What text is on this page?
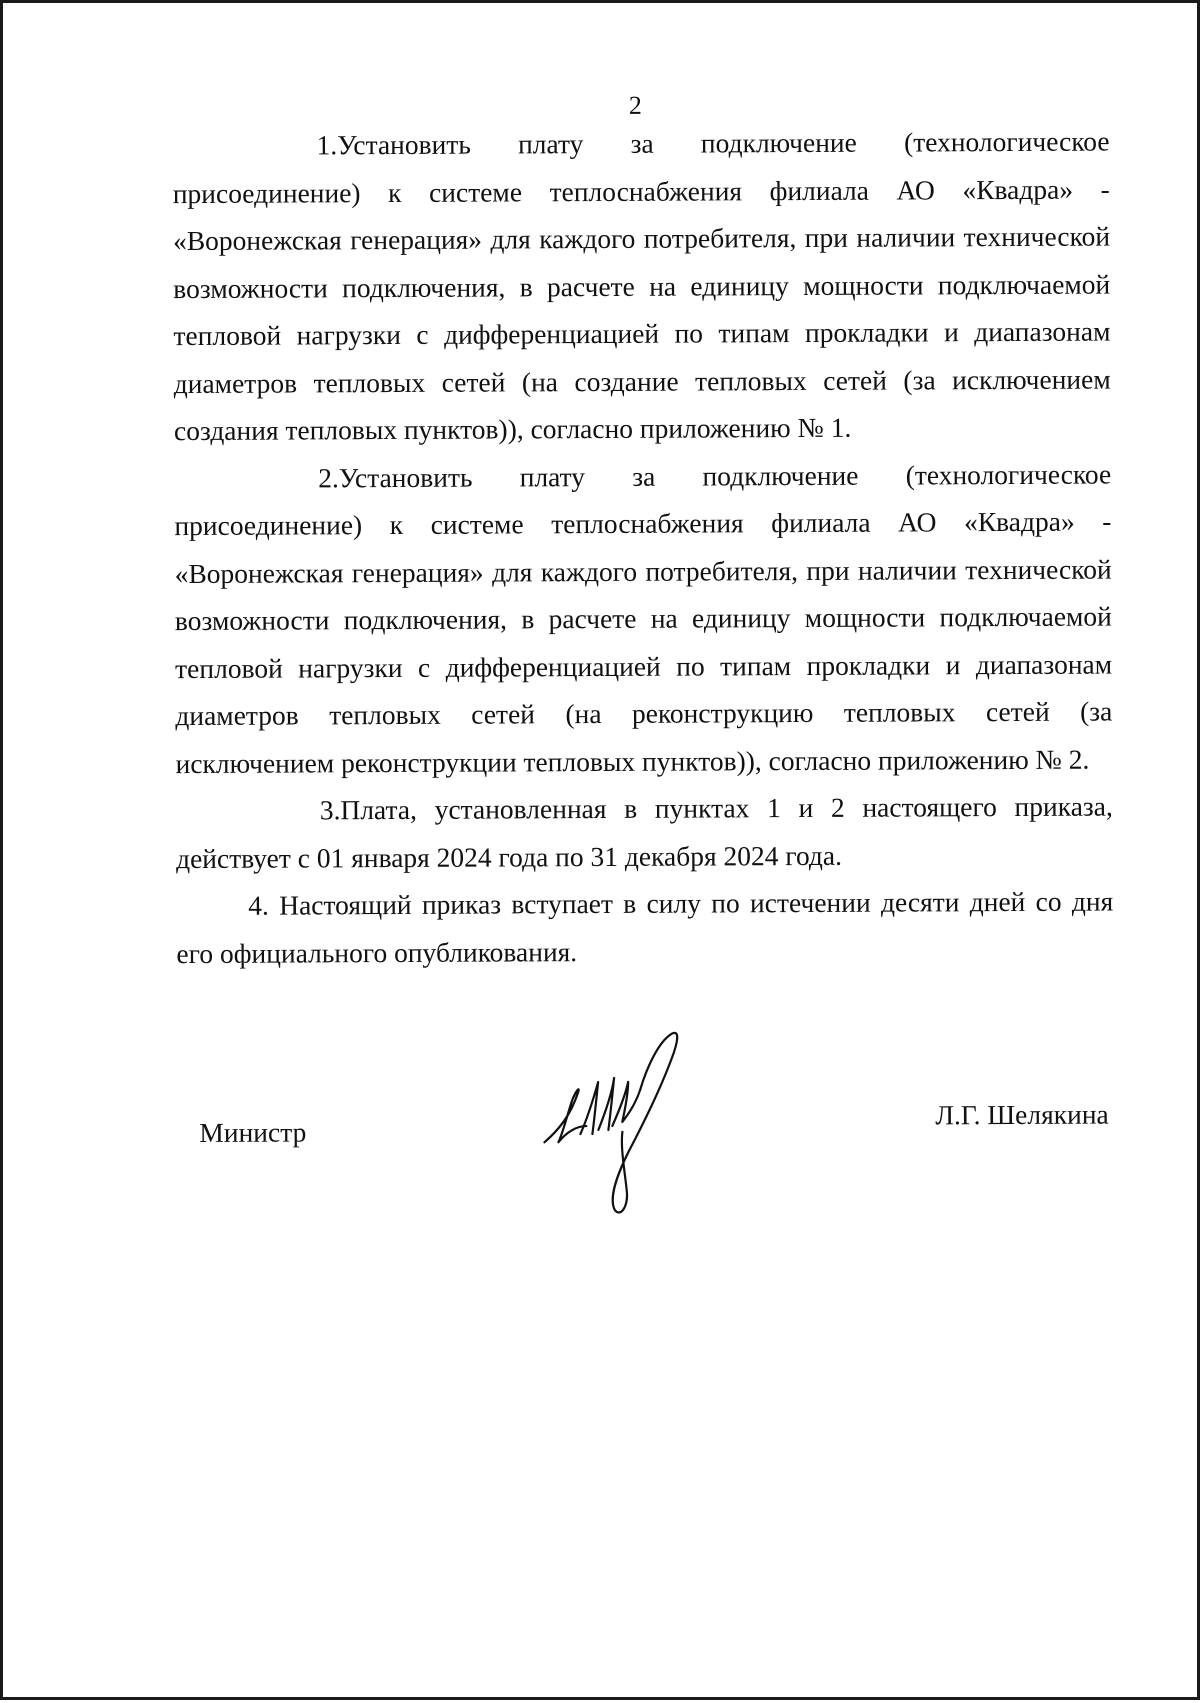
2

1.Установить плату за подключение (технологическое присоединение) к системе теплоснабжения филиала АО «Квадра» - «Воронежская генерация» для каждого потребителя, при наличии технической возможности подключения, в расчете на единицу мощности подключаемой тепловой нагрузки с дифференциацией по типам прокладки и диапазонам диаметров тепловых сетей (на создание тепловых сетей (за исключением создания тепловых пунктов)), согласно приложению № 1.

2.Установить плату за подключение (технологическое присоединение) к системе теплоснабжения филиала АО «Квадра» - «Воронежская генерация» для каждого потребителя, при наличии технической возможности подключения, в расчете на единицу мощности подключаемой тепловой нагрузки с дифференциацией по типам прокладки и диапазонам диаметров тепловых сетей (на реконструкцию тепловых сетей (за исключением реконструкции тепловых пунктов)), согласно приложению № 2.

3.Плата, установленная в пунктах 1 и 2 настоящего приказа, действует с 01 января 2024 года по 31 декабря 2024 года.

4. Настоящий приказ вступает в силу по истечении десяти дней со дня его официального опубликования.

Министр
Л.Г. Шелякина
